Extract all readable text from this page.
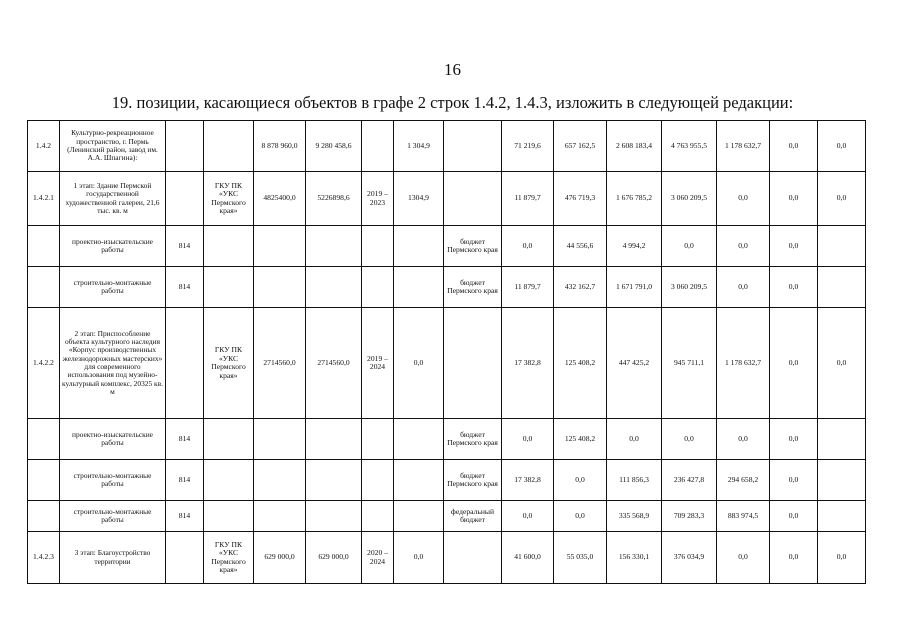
16
19. позиции, касающиеся объектов в графе 2 строк 1.4.2, 1.4.3, изложить в следующей редакции:
1.4.2	Культурно-рекреационное пространство, г. Пермь (Ленинский район, завод им. А.А. Шпагина):			8 878 960,0	9 280 458,6		1 304,9		71 219,6	657 162,5	2 608 183,4	4 763 955,5	1 178 632,7	0,0	0,0
1.4.2.1	1 этап: Здание Пермской государственной художественной галереи, 21,6 тыс. кв. м		ГКУ ПК «УКС Пермского края»	4825400,0	5226898,6	2019 – 2023	1304,9		11 879,7	476 719,3	1 676 785,2	3 060 209,5	0,0	0,0	0,0
	проектно-изыскательские работы	814						бюджет Пермского края	0,0	44 556,6	4 994,2	0,0	0,0	0,0	
	строительно-монтажные работы	814						бюджет Пермского края	11 879,7	432 162,7	1 671 791,0	3 060 209,5	0,0	0,0	
1.4.2.2	2 этап: Приспособление объекта культурного наследия «Корпус производственных железнодорожных мастерских» для современного использования под музейно-культурный комплекс, 20325 кв. м		ГКУ ПК «УКС Пермского края»	2714560,0	2714560,0	2019 – 2024	0,0		17 382,8	125 408,2	447 425,2	945 711,1	1 178 632,7	0,0	0,0
	проектно-изыскательские работы	814						бюджет Пермского края	0,0	125 408,2	0,0	0,0	0,0	0,0	
	строительно-монтажные работы	814						бюджет Пермского края	17 382,8	0,0	111 856,3	236 427,8	294 658,2	0,0	
	строительно-монтажные работы	814						федеральный бюджет	0,0	0,0	335 568,9	709 283,3	883 974,5	0,0	
1.4.2.3	3 этап: Благоустройство территории		ГКУ ПК «УКС Пермского края»	629 000,0	629 000,0	2020 – 2024	0,0		41 600,0	55 035,0	156 330,1	376 034,9	0,0	0,0	0,0
